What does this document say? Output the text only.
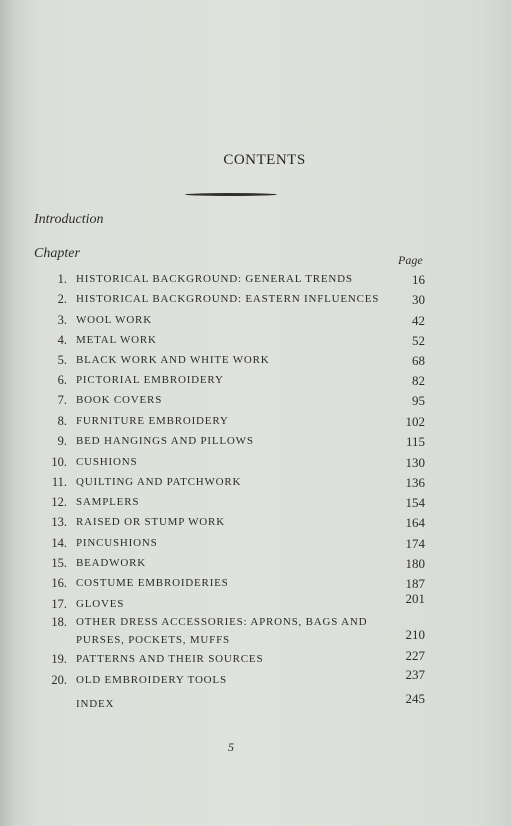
CONTENTS
Introduction
Chapter	Page
1. HISTORICAL BACKGROUND: GENERAL TRENDS	16
2. HISTORICAL BACKGROUND: EASTERN INFLUENCES	30
3. WOOL WORK	42
4. METAL WORK	52
5. BLACK WORK AND WHITE WORK	68
6. PICTORIAL EMBROIDERY	82
7. BOOK COVERS	95
8. FURNITURE EMBROIDERY	102
9. BED HANGINGS AND PILLOWS	115
10. CUSHIONS	130
11. QUILTING AND PATCHWORK	136
12. SAMPLERS	154
13. RAISED OR STUMP WORK	164
14. PINCUSHIONS	174
15. BEADWORK	180
16. COSTUME EMBROIDERIES	187
17. GLOVES	201
18. OTHER DRESS ACCESSORIES: APRONS, BAGS AND
PURSES, POCKETS, MUFFS	210
19. PATTERNS AND THEIR SOURCES	227
20. OLD EMBROIDERY TOOLS	237
INDEX	245
5
